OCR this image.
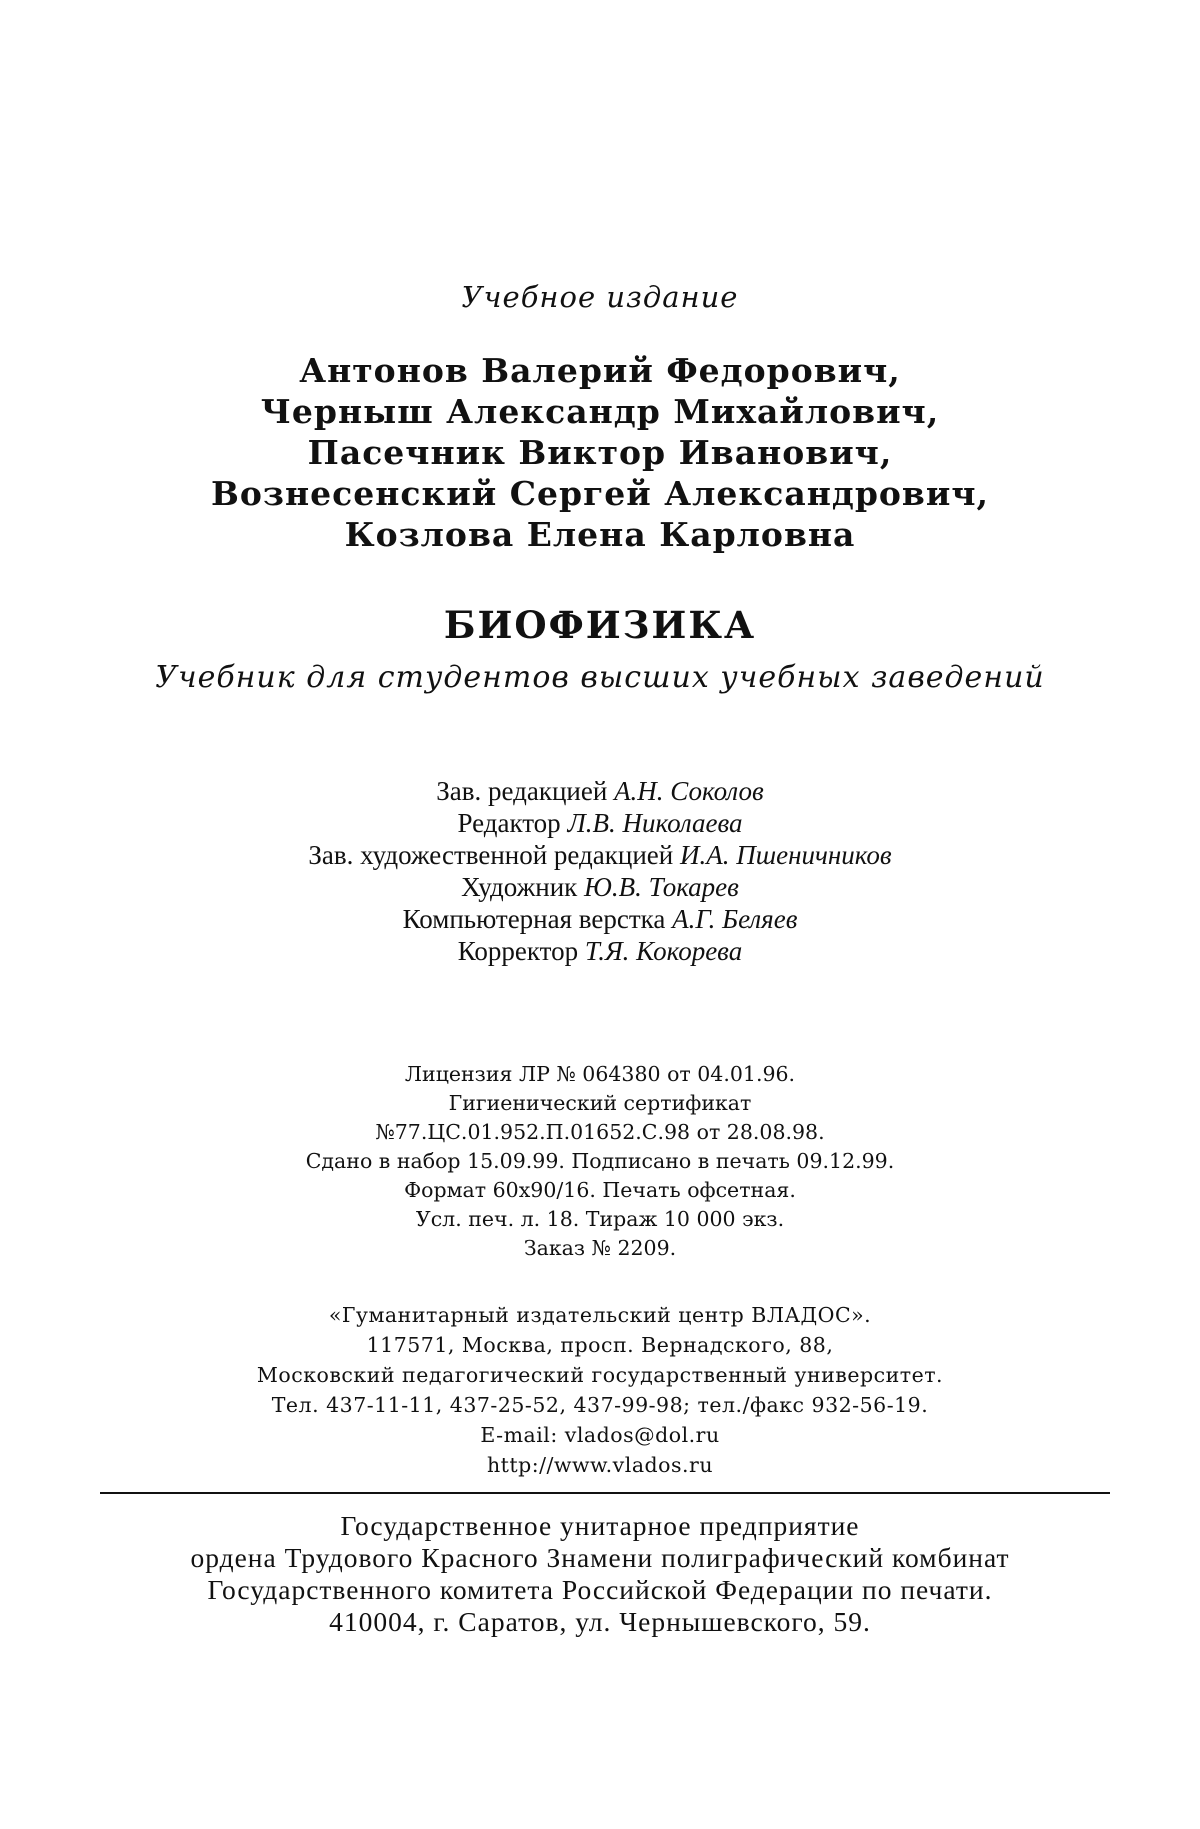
Учебное издание
Антонов Валерий Федорович,
Черныш Александр Михайлович,
Пасечник Виктор Иванович,
Вознесенский Сергей Александрович,
Козлова Елена Карловна
БИОФИЗИКА
Учебник для студентов высших учебных заведений
Зав. редакцией А.Н. Соколов
Редактор Л.В. Николаева
Зав. художественной редакцией И.А. Пшеничников
Художник Ю.В. Токарев
Компьютерная верстка А.Г. Беляев
Корректор Т.Я. Кокорева
Лицензия ЛР № 064380 от 04.01.96.
Гигиенический сертификат
№77.ЦС.01.952.П.01652.С.98 от 28.08.98.
Сдано в набор 15.09.99. Подписано в печать 09.12.99.
Формат 60х90/16. Печать офсетная.
Усл. печ. л. 18. Тираж 10 000 экз.
Заказ № 2209.
«Гуманитарный издательский центр ВЛАДОС».
117571, Москва, просп. Вернадского, 88,
Московский педагогический государственный университет.
Тел. 437-11-11, 437-25-52, 437-99-98; тел./факс 932-56-19.
E-mail: vlados@dol.ru
http://www.vlados.ru
Государственное унитарное предприятие
ордена Трудового Красного Знамени полиграфический комбинат
Государственного комитета Российской Федерации по печати.
410004, г. Саратов, ул. Чернышевского, 59.
